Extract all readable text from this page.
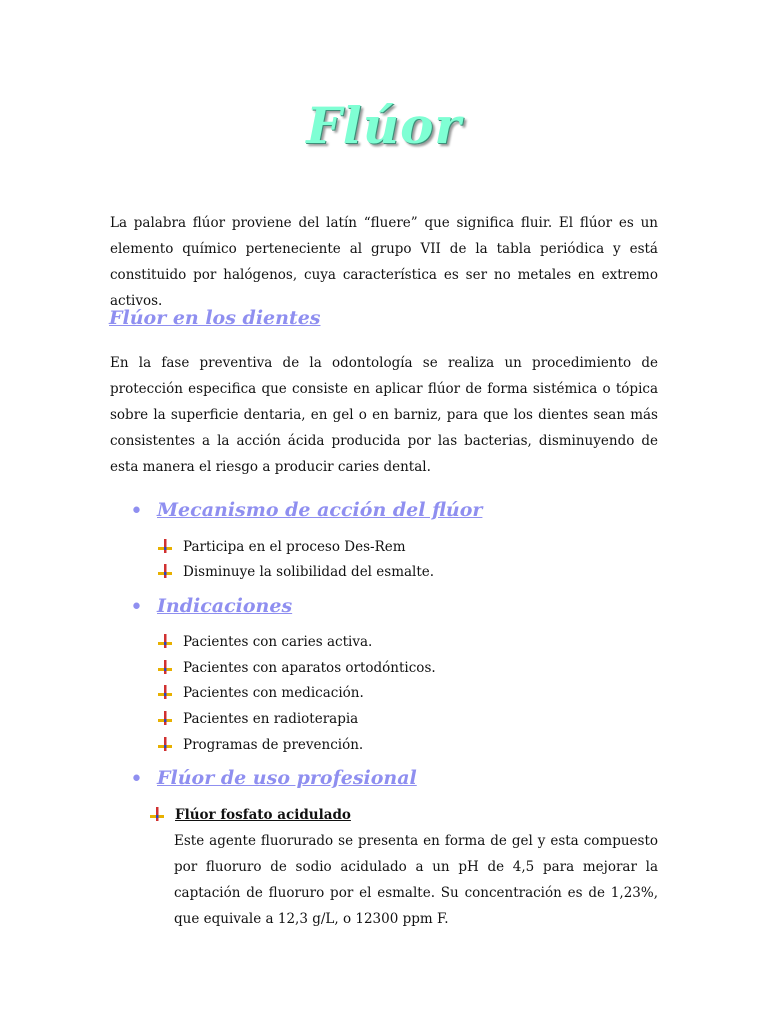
Flúor
La palabra flúor proviene del latín “fluere” que significa fluir. El flúor es un elemento químico perteneciente al grupo VII de la tabla periódica y está constituido por halógenos, cuya característica es ser no metales en extremo activos.
Flúor en los dientes
En la fase preventiva de la odontología se realiza un procedimiento de protección especifica que consiste en aplicar flúor de forma sistémica o tópica sobre la superficie dentaria, en gel o en barniz, para que los dientes sean más consistentes a la acción ácida producida por las bacterias, disminuyendo de esta manera el riesgo a producir caries dental.
• Mecanismo de acción del flúor
Participa en el proceso Des-Rem
Disminuye la solibilidad del esmalte.
• Indicaciones
Pacientes con caries activa.
Pacientes con aparatos ortodónticos.
Pacientes con medicación.
Pacientes en radioterapia
Programas de prevención.
• Flúor de uso profesional
Flúor fosfato acidulado
Este agente fluorurado se presenta en forma de gel y esta compuesto por fluoruro de sodio acidulado a un pH de 4,5 para mejorar la captación de fluoruro por el esmalte. Su concentración es de 1,23%, que equivale a 12,3 g/L, o 12300 ppm F.
